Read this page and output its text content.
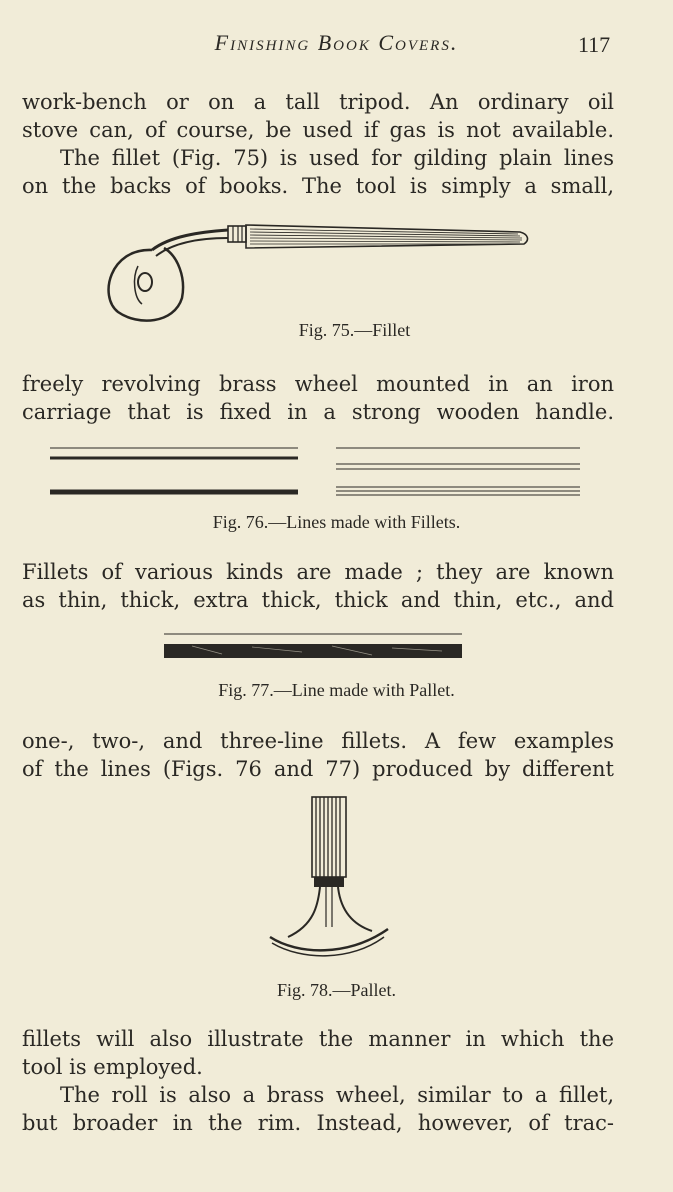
Finishing Book Covers.	117

work-bench or on a tall tripod. An ordinary oil
stove can, of course, be used if gas is not available.
The fillet (Fig. 75) is used for gilding plain lines
on the backs of books. The tool is simply a small,

Fig. 75.—Fillet

freely revolving brass wheel mounted in an iron
carriage that is fixed in a strong wooden handle.

Fig. 76.—Lines made with Fillets.

Fillets of various kinds are made ; they are known
as thin, thick, extra thick, thick and thin, etc., and

Fig. 77.—Line made with Pallet.

one-, two-, and three-line fillets. A few examples
of the lines (Figs. 76 and 77) produced by different

Fig. 78.—Pallet.

fillets will also illustrate the manner in which the
tool is employed.
The roll is also a brass wheel, similar to a fillet,
but broader in the rim. Instead, however, of trac-
